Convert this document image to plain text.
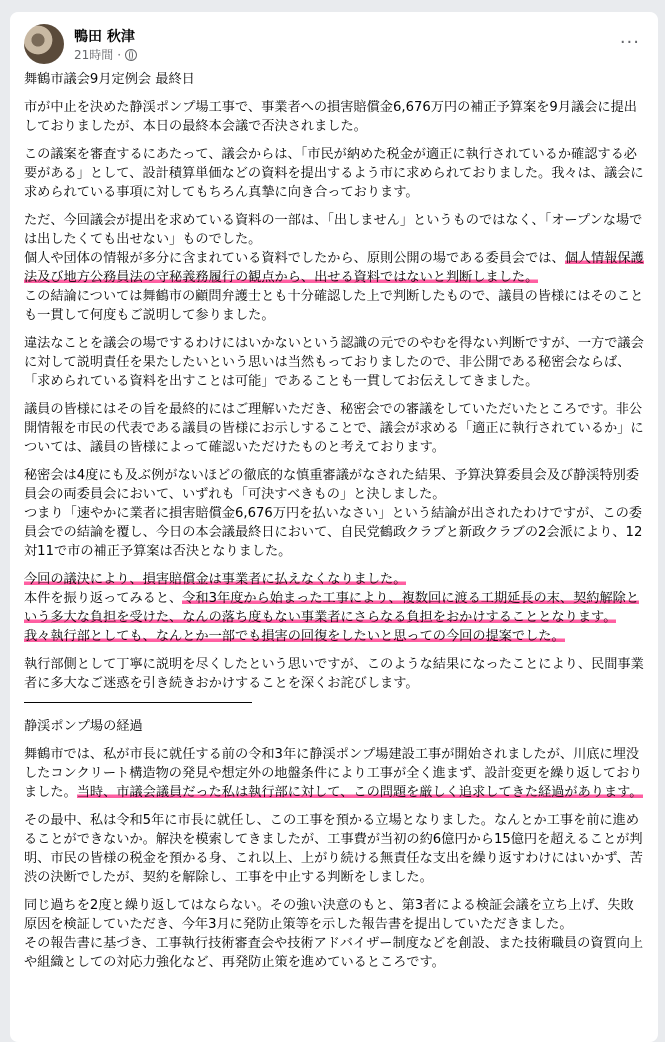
鴨田 秋津
21時間 ·
···

舞鶴市議会9月定例会 最終日

市が中止を決めた静渓ポンプ場工事で、事業者への損害賠償金6,676万円の補正予算案を9月議会に提出しておりましたが、本日の最終本会議で否決されました。

この議案を審査するにあたって、議会からは、「市民が納めた税金が適正に執行されているか確認する必要がある」として、設計積算単価などの資料を提出するよう市に求められておりました。我々は、議会に求められている事項に対してもちろん真摯に向き合っております。

ただ、今回議会が提出を求めている資料の一部は、「出しません」というものではなく、「オープンな場では出したくても出せない」ものでした。

個人や団体の情報が多分に含まれている資料でしたから、原則公開の場である委員会では、個人情報保護法及び地方公務員法の守秘義務履行の観点から、出せる資料ではないと判断しました。

この結論については舞鶴市の顧問弁護士とも十分確認した上で判断したもので、議員の皆様にはそのことも一貫して何度もご説明して参りました。

違法なことを議会の場でするわけにはいかないという認識の元でのやむを得ない判断ですが、一方で議会に対して説明責任を果たしたいという思いは当然もっておりましたので、非公開である秘密会ならば、「求められている資料を出すことは可能」であることも一貫してお伝えしてきました。

議員の皆様にはその旨を最終的にはご理解いただき、秘密会での審議をしていただいたところです。非公開情報を市民の代表である議員の皆様にお示しすることで、議会が求める「適正に執行されているか」については、議員の皆様によって確認いただけたものと考えております。

秘密会は4度にも及ぶ例がないほどの徹底的な慎重審議がなされた結果、予算決算委員会及び静渓特別委員会の両委員会において、いずれも「可決すべきもの」と決しました。

つまり「速やかに業者に損害賠償金6,676万円を払いなさい」という結論が出されたわけですが、この委員会での結論を覆し、今日の本会議最終日において、自民党鶴政クラブと新政クラブの2会派により、12対11で市の補正予算案は否決となりました。

今回の議決により、損害賠償金は事業者に払えなくなりました。

本件を振り返ってみると、令和3年度から始まった工事により、複数回に渡る工期延長の末、契約解除という多大な負担を受けた、なんの落ち度もない事業者にさらなる負担をおかけすることとなります。

我々執行部としても、なんとか一部でも損害の回復をしたいと思っての今回の提案でした。

執行部側として丁寧に説明を尽くしたという思いですが、このような結果になったことにより、民間事業者に多大なご迷惑を引き続きおかけすることを深くお詫びします。

静渓ポンプ場の経過

舞鶴市では、私が市長に就任する前の令和3年に静渓ポンプ場建設工事が開始されましたが、川底に埋没したコンクリート構造物の発見や想定外の地盤条件により工事が全く進まず、設計変更を繰り返しておりました。当時、市議会議員だった私は執行部に対して、この問題を厳しく追求してきた経過があります。

その最中、私は令和5年に市長に就任し、この工事を預かる立場となりました。なんとか工事を前に進めることができないか。解決を模索してきましたが、工事費が当初の約6億円から15億円を超えることが判明、市民の皆様の税金を預かる身、これ以上、上がり続ける無責任な支出を繰り返すわけにはいかず、苦渋の決断でしたが、契約を解除し、工事を中止する判断をしました。

同じ過ちを2度と繰り返してはならない。その強い決意のもと、第3者による検証会議を立ち上げ、失敗原因を検証していただき、今年3月に発防止策等を示した報告書を提出していただきました。

その報告書に基づき、工事執行技術審査会や技術アドバイザー制度などを創設、また技術職員の資質向上や組織としての対応力強化など、再発防止策を進めているところです。
